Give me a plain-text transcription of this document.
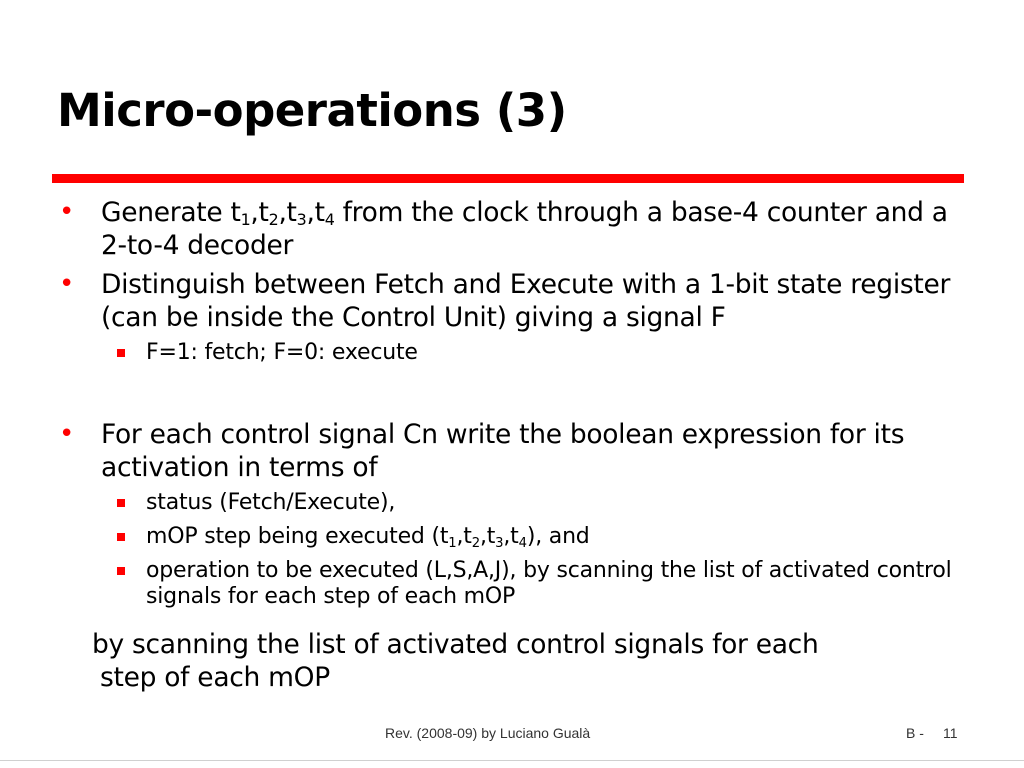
Micro-operations (3)
• Generate $t_1,t_2,t_3,t_4$ from the clock through a base-4 counter and a 2-to-4 decoder
• Distinguish between Fetch and Execute with a 1-bit state register (can be inside the Control Unit) giving a signal F
F=1: fetch; F=0: execute
• For each control signal Cn write the boolean expression for its activation in terms of
status (Fetch/Execute),
mOP step being executed $(t_1,t_2,t_3,t_4)$, and
operation to be executed (L,S,A,J), by scanning the list of activated control signals for each step of each mOP
by scanning the list of activated control signals for each
step of each mOP
Rev. (2008-09) by Luciano Gualà	B - 11
